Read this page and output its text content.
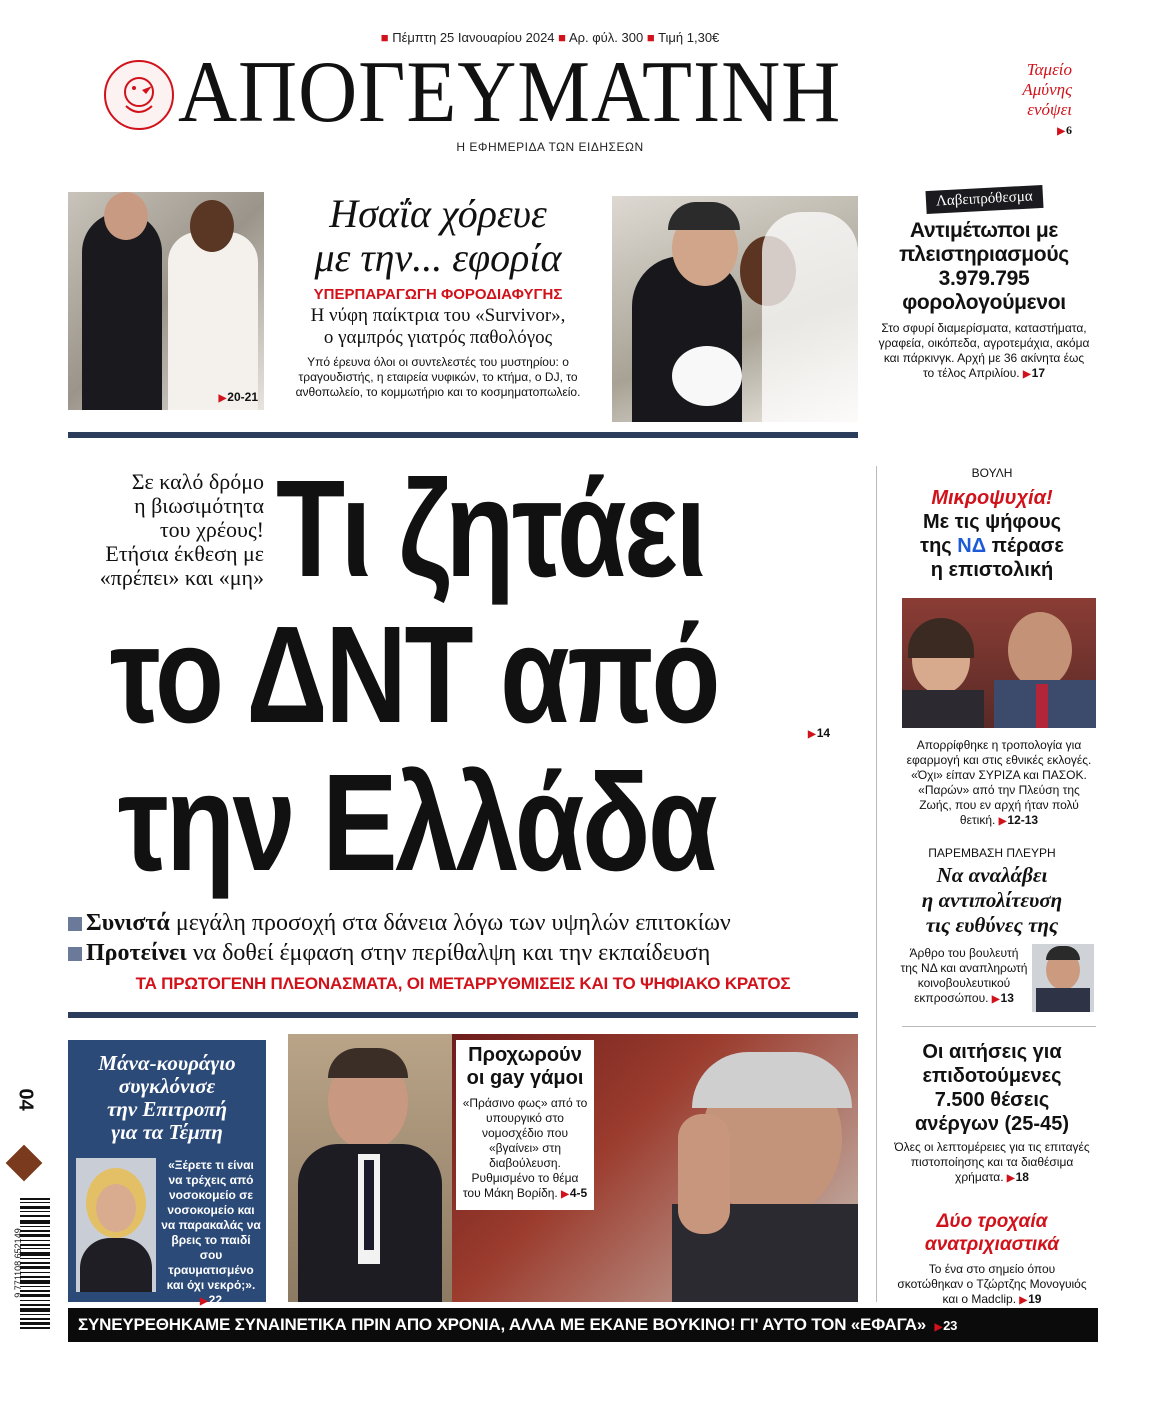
■ Πέμπτη 25 Ιανουαρίου 2024 ■ Αρ. φύλ. 300 ■ Τιμή 1,30€
ΑΠΟΓΕΥΜΑΤΙΝΗ
Η ΕΦΗΜΕΡΙΔΑ ΤΩΝ ΕΙΔΗΣΕΩΝ
Ταμείο
Αμύνης
ενόψει
▶6
▶20-21
Ησαΐα χόρευε
με την... εφορία
ΥΠΕΡΠΑΡΑΓΩΓΗ ΦΟΡΟΔΙΑΦΥΓΗΣ
Η νύφη παίκτρια του «Survivor»,
ο γαμπρός γιατρός παθολόγος
Υπό έρευνα όλοι οι συντελεστές του μυστηρίου: ο τραγουδιστής, η εταιρεία νυφικών, το κτήμα, ο DJ, το ανθοπωλείο, το κομμωτήριο και το κοσμηματοπωλείο.
Λαβειπρόθεσμα
Αντιμέτωποι με
πλειστηριασμούς
3.979.795
φορολογούμενοι
Στο σφυρί διαμερίσματα, καταστήματα, γραφεία, οικόπεδα, αγροτεμάχια, ακόμα και πάρκινγκ. Αρχή με 36 ακίνητα έως το τέλος Απριλίου. ▶17
Σε καλό δρόμο
η βιωσιμότητα
του χρέους!
Ετήσια έκθεση με
«πρέπει» και «μη» Τι ζητάει
το ΔΝΤ από	▶14
την Ελλάδα
Συνιστά μεγάλη προσοχή στα δάνεια λόγω των υψηλών επιτοκίων
Προτείνει να δοθεί έμφαση στην περίθαλψη και την εκπαίδευση
ΤΑ ΠΡΩΤΟΓΕΝΗ ΠΛΕΟΝΑΣΜΑΤΑ, ΟΙ ΜΕΤΑΡΡΥΘΜΙΣΕΙΣ ΚΑΙ ΤΟ ΨΗΦΙΑΚΟ ΚΡΑΤΟΣ
ΒΟΥΛΗ
Μικροψυχία!
Με τις ψήφους
της ΝΔ πέρασε
η επιστολική
Απορρίφθηκε η τροπολογία για εφαρμογή και στις εθνικές εκλογές. «Όχι» είπαν ΣΥΡΙΖΑ και ΠΑΣΟΚ. «Παρών» από την Πλεύση της Ζωής, που εν αρχή ήταν πολύ θετική. ▶12-13
ΠΑΡΕΜΒΑΣΗ ΠΛΕΥΡΗ
Να αναλάβει
η αντιπολίτευση
τις ευθύνες της
Άρθρο του βουλευτή της ΝΔ και αναπληρωτή κοινοβουλευτικού εκπροσώπου. ▶13
Οι αιτήσεις για
επιδοτούμενες
7.500 θέσεις
ανέργων (25-45)
Όλες οι λεπτομέρειες για τις επιταγές πιστοποίησης και τα διαθέσιμα χρήματα. ▶18
Δύο τροχαία
ανατριχιαστικά
Το ένα στο σημείο όπου σκοτώθηκαν ο Τζώρτζης Μονογυιός και ο Madclip. ▶19
Μάνα-κουράγιο
συγκλόνισε
την Επιτροπή
για τα Τέμπη
«Ξέρετε τι είναι να τρέχεις από νοσοκομείο σε νοσοκομείο και να παρακαλάς να βρεις το παιδί σου τραυματισμένο και όχι νεκρό;». ▶22
Προχωρούν
οι gay γάμοι
«Πράσινο φως» από το υπουργικό στο νομοσχέδιο που «βγαίνει» στη διαβούλευση. Ρυθμισμένο το θέμα του Μάκη Βορίδη. ▶4-5
04
9 771108 652149
ΣΥΝΕΥΡΕΘΗΚΑΜΕ ΣΥΝΑΙΝΕΤΙΚΑ ΠΡΙΝ ΑΠΟ ΧΡΟΝΙΑ, ΑΛΛΑ ΜΕ ΕΚΑΝΕ ΒΟΥΚΙΝΟ! ΓΙ' ΑΥΤΟ ΤΟΝ «ΕΦΑΓΑ» ▶23
